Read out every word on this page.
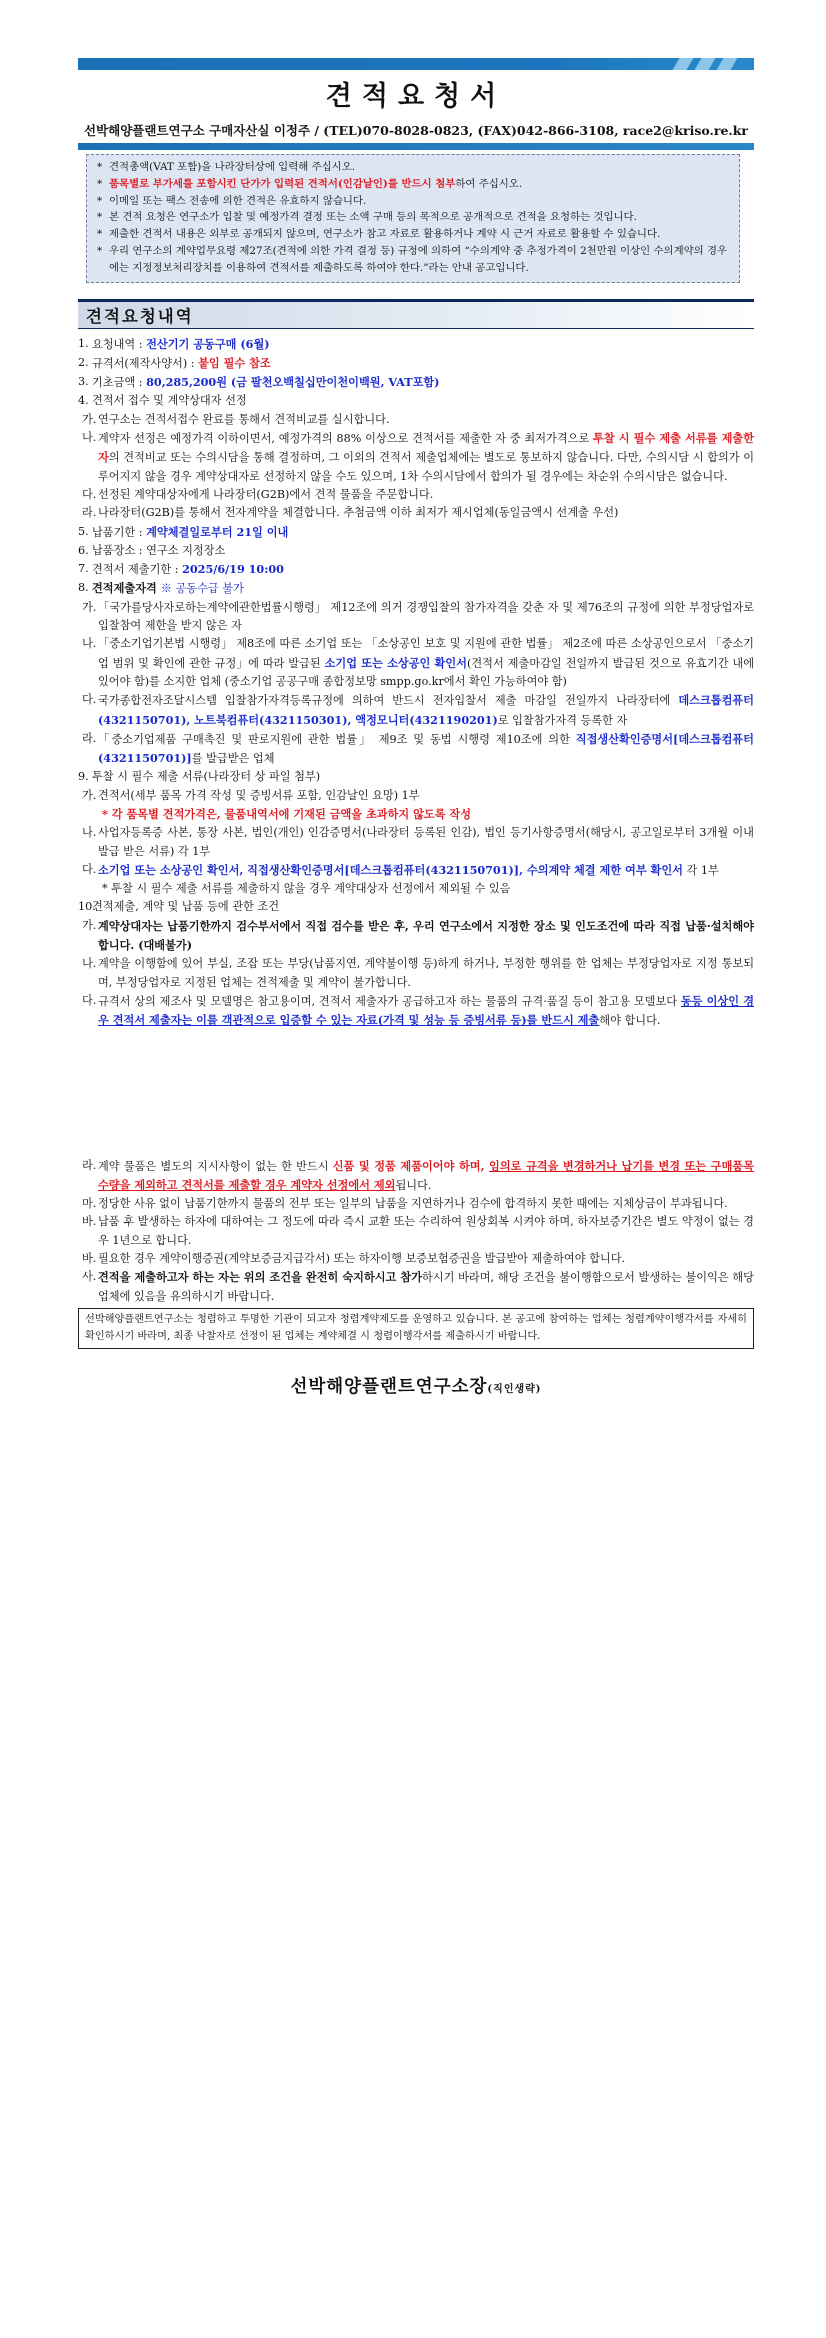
견적요청서
선박해양플랜트연구소 구매자산실 이정주 / (TEL)070-8028-0823, (FAX)042-866-3108, race2@kriso.re.kr
* 견적총액(VAT 포함)을 나라장터상에 입력해 주십시오.
* 품목별로 부가세를 포함시킨 단가가 입력된 견적서(인감날인)를 반드시 첨부하여 주십시오.
* 이메일 또는 팩스 전송에 의한 견적은 유효하지 않습니다.
* 본 견적 요청은 연구소가 입찰 및 예정가격 결정 또는 소액 구매 등의 목적으로 공개적으로 견적을 요청하는 것입니다.
* 제출한 견적서 내용은 외부로 공개되지 않으며, 연구소가 참고 자료로 활용하거나 계약 시 근거 자료로 활용할 수 있습니다.
* 우리 연구소의 계약업무요령 제27조(견적에 의한 가격 결정 등) 규정에 의하여 “수의계약 중 추정가격이 2천만원 이상인 수의계약의 경우에는 지정정보처리장치를 이용하여 견적서를 제출하도록 하여야 한다.”라는 안내 공고입니다.
견적요청내역
1. 요청내역 : 전산기기 공동구매 (6월)
2. 규격서(제작사양서) : 붙임 필수 참조
3. 기초금액 : 80,285,200원 (금 팔천오백칠십만이천이백원, VAT포함)
4. 견적서 접수 및 계약상대자 선정
가. 연구소는 견적서접수 완료를 통해서 견적비교를 실시합니다.
나. 계약자 선정은 예정가격 이하이면서, 예정가격의 88% 이상으로 견적서를 제출한 자 중 최저가격으로 투찰 시 필수 제출 서류를 제출한 자의 견적비교 또는 수의시담을 통해 결정하며, 그 이외의 견적서 제출업체에는 별도로 통보하지 않습니다. 다만, 수의시담 시 합의가 이루어지지 않을 경우 계약상대자로 선정하지 않을 수도 있으며, 1차 수의시담에서 합의가 될 경우에는 차순위 수의시담은 없습니다.
다. 선정된 계약대상자에게 나라장터(G2B)에서 견적 물품을 주문합니다.
라. 나라장터(G2B)를 통해서 전자계약을 체결합니다. 추첨금액 이하 최저가 제시업체(동일금액시 선계출 우선)
5. 납품기한 : 계약체결일로부터 21일 이내
6. 납품장소 : 연구소 지정장소
7. 견적서 제출기한 : 2025/6/19 10:00
8. 견적제출자격 ※ 공동수급 불가
가. 「국가를당사자로하는계약에관한법률시행령」 제12조에 의거 경쟁입찰의 참가자격을 갖춘 자 및 제76조의 규정에 의한 부정당업자로 입찰참여 제한을 받지 않은 자
나. 「중소기업기본법 시행령」 제8조에 따른 소기업 또는 「소상공인 보호 및 지원에 관한 법률」 제2조에 따른 소상공인으로서 「중소기업 범위 및 확인에 관한 규정」에 따라 발급된 소기업 또는 소상공인 확인서(견적서 제출마감일 전일까지 발급된 것으로 유효기간 내에 있어야 함)를 소지한 업체 (중소기업 공공구매 종합정보망 smpp.go.kr에서 확인 가능하여야 함)
다. 국가종합전자조달시스템 입찰참가자격등록규정에 의하여 반드시 전자입찰서 제출 마감일 전일까지 나라장터에 데스크톱컴퓨터(4321150701), 노트북컴퓨터(4321150301), 액정모니터(4321190201)로 입찰참가자격 등록한 자
라. 「중소기업제품 구매촉진 및 판로지원에 관한 법률」 제9조 및 동법 시행령 제10조에 의한 직접생산확인증명서[데스크톱컴퓨터(4321150701)]를 발급받은 업체
9. 투찰 시 필수 제출 서류(나라장터 상 파일 첨부)
가. 견적서(세부 품목 가격 작성 및 증빙서류 포함, 인감날인 요망) 1부
* 각 품목별 견적가격은, 물품내역서에 기재된 금액을 초과하지 않도록 작성
나. 사업자등록증 사본, 통장 사본, 법인(개인) 인감증명서(나라장터 등록된 인감), 법인 등기사항증명서(해당시, 공고일로부터 3개월 이내 발급 받은 서류) 각 1부
다. 소기업 또는 소상공인 확인서, 직접생산확인증명서[데스크톱컴퓨터(4321150701)], 수의계약 체결 제한 여부 확인서 각 1부
* 투찰 시 필수 제출 서류를 제출하지 않을 경우 계약대상자 선정에서 제외될 수 있음
10.
견적제출, 계약 및 납품 등에 관한 조건
가. 계약상대자는 납품기한까지 검수부서에서 직접 검수를 받은 후, 우리 연구소에서 지정한 장소 및 인도조건에 따라 직접 납품·설치해야 합니다. (대배불가)
나. 계약을 이행함에 있어 부실, 조잡 또는 부당(납품지연, 계약불이행 등)하게 하거나, 부정한 행위를 한 업체는 부정당업자로 지정 통보되며, 부정당업자로 지정된 업체는 견적제출 및 계약이 불가합니다.
다. 규격서 상의 제조사 및 모델명은 참고용이며, 견적서 제출자가 공급하고자 하는 물품의 규격·품질 등이 참고용 모델보다 동등 이상인 경우 견적서 제출자는 이를 객관적으로 입증할 수 있는 자료(가격 및 성능 등 증빙서류 등)를 반드시 제출해야 합니다.
라. 계약 물품은 별도의 지시사항이 없는 한 반드시 신품 및 정품 제품이어야 하며, 임의로 규격을 변경하거나 납기를 변경 또는 구매품목 수량을 제외하고 견적서를 제출할 경우 계약자 선정에서 제외됩니다.
마. 정당한 사유 없이 납품기한까지 물품의 전부 또는 일부의 납품을 지연하거나 검수에 합격하지 못한 때에는 지체상금이 부과됩니다.
바. 납품 후 발생하는 하자에 대하여는 그 정도에 따라 즉시 교환 또는 수리하여 원상회복 시켜야 하며, 하자보증기간은 별도 약정이 없는 경우 1년으로 합니다.
바. 필요한 경우 계약이행증권(계약보증금지급각서) 또는 하자이행 보증보험증권을 발급받아 제출하여야 합니다.
사. 견적을 제출하고자 하는 자는 위의 조건을 완전히 숙지하시고 참가하시기 바라며, 해당 조건을 불이행함으로서 발생하는 불이익은 해당 업체에 있음을 유의하시기 바랍니다.
선박해양플랜트연구소는 청렴하고 투명한 기관이 되고자 청렴계약제도를 운영하고 있습니다. 본 공고에 참여하는 업체는 청렴계약이행각서를 자세히 확인하시기 바라며, 최종 낙찰자로 선정이 된 업체는 계약체결 시 청렴이행각서를 제출하시기 바랍니다.
선박해양플랜트연구소장(직인생략)
